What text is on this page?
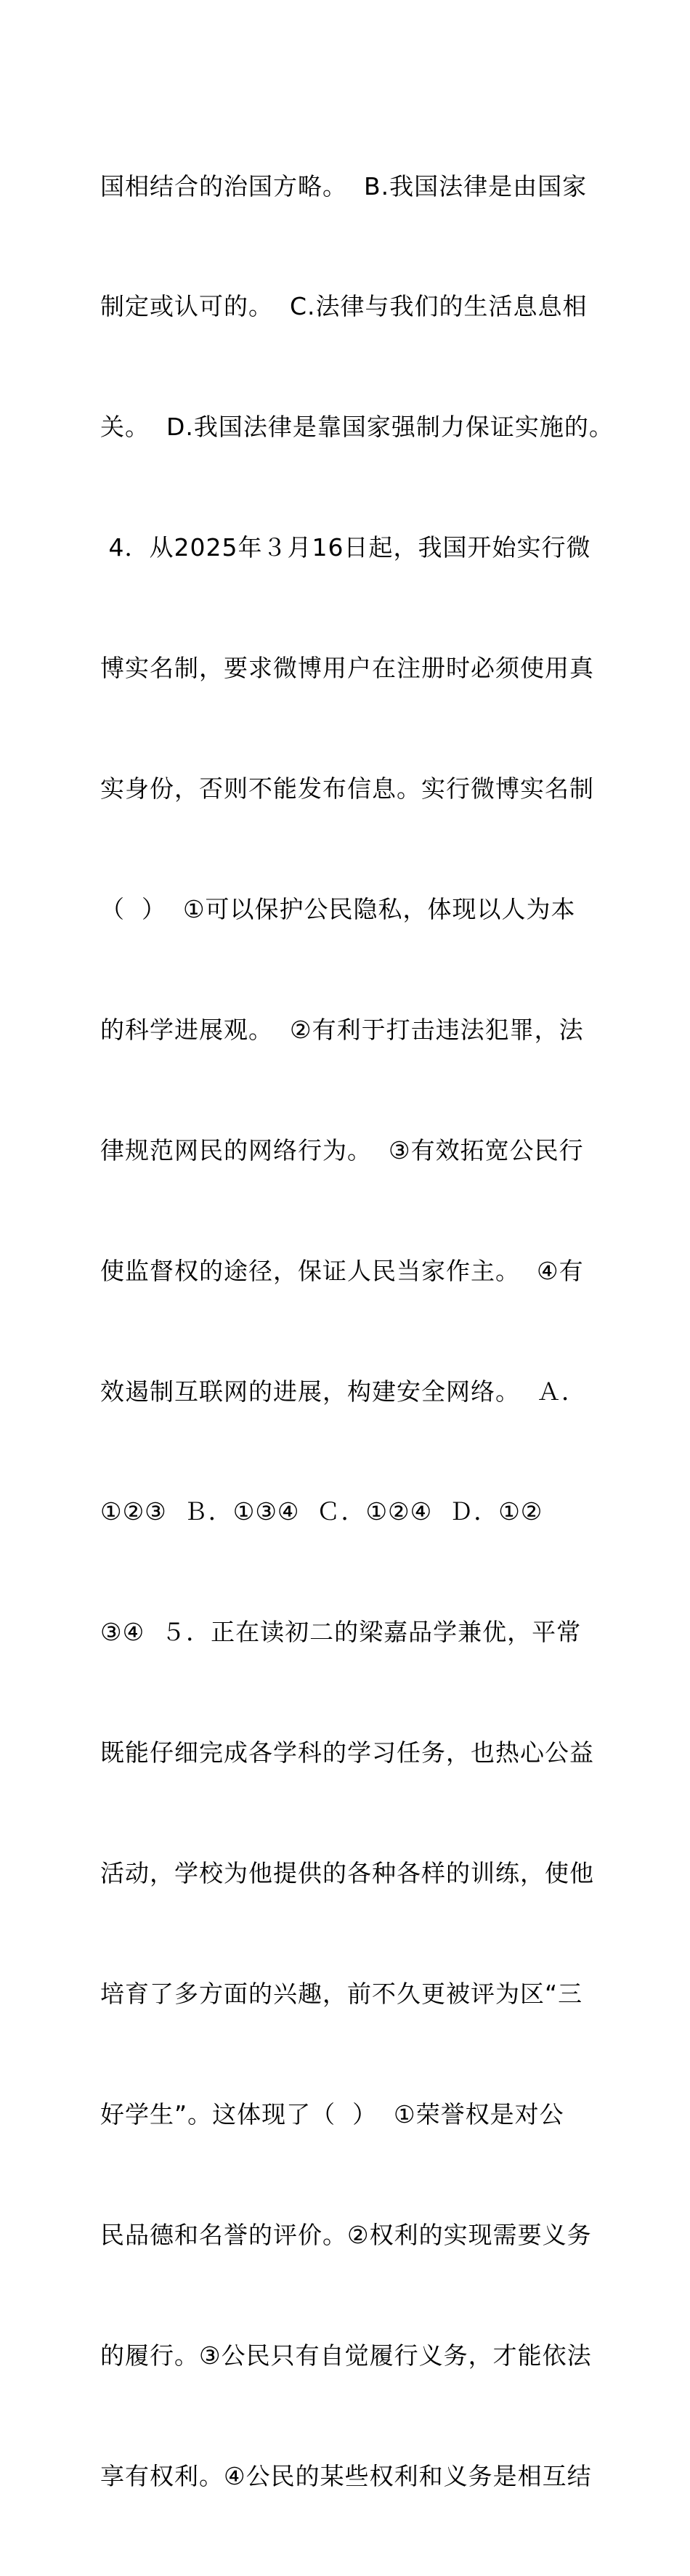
国相结合的治国方略。  B.我国法律是由国家

制定或认可的。  C.法律与我们的生活息息相

关。  D.我国法律是靠国家强制力保证实施的。

4．从2025年３月16日起，我国开始实行微

博实名制，要求微博用户在注册时必须使用真

实身份，否则不能发布信息。实行微博实名制

（  ）  ①可以保护公民隐私，体现以人为本

的科学进展观。  ②有利于打击违法犯罪，法

律规范网民的网络行为。  ③有效拓宽公民行

使监督权的途径，保证人民当家作主。  ④有

效遏制互联网的进展，构建安全网络。  Ａ．

①②③  Ｂ．①③④  Ｃ．①②④  Ｄ．①②

③④  ５．正在读初二的梁嘉品学兼优，平常

既能仔细完成各学科的学习任务，也热心公益

活动，学校为他提供的各种各样的训练，使他

培育了多方面的兴趣，前不久更被评为区“三

好学生”。这体现了（  ）  ①荣誉权是对公

民品德和名誉的评价。②权利的实现需要义务

的履行。③公民只有自觉履行义务，才能依法

享有权利。④公民的某些权利和义务是相互结
